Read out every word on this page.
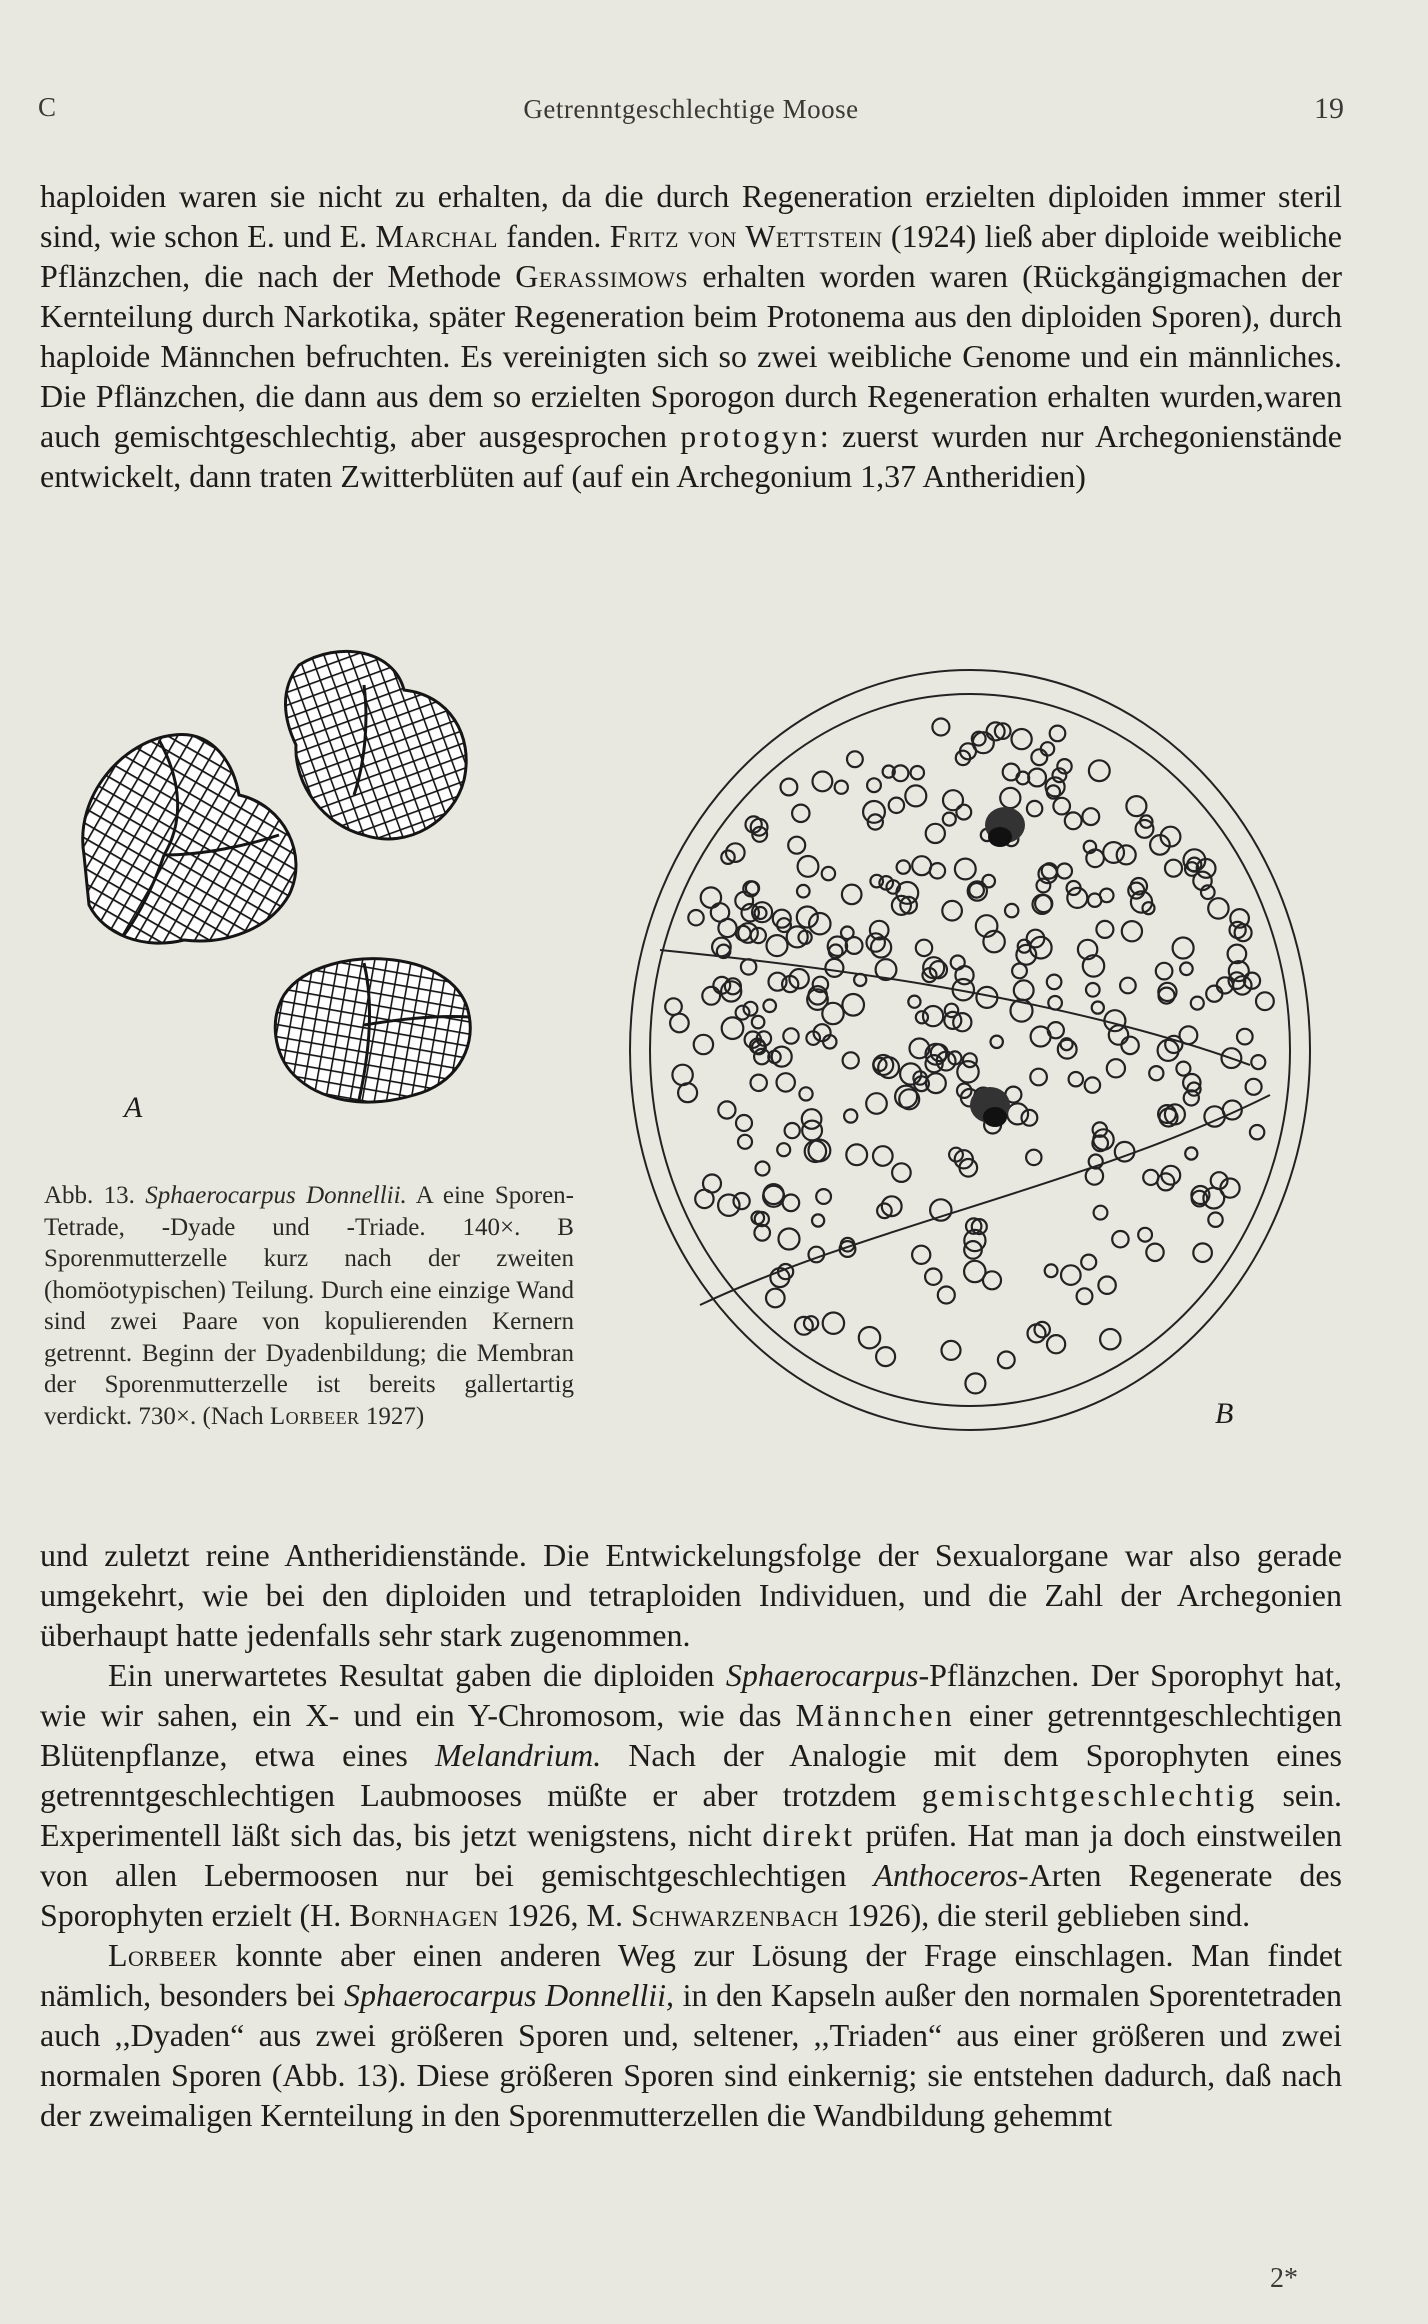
C	Getrenntgeschlechtige Moose	19

haploiden waren sie nicht zu erhalten, da die durch Regeneration erzielten diploiden immer steril sind, wie schon E. und E. Marchal fanden. Fritz von Wettstein (1924) ließ aber diploide weibliche Pflänzchen, die nach der Methode Gerassimows erhalten worden waren (Rückgängigmachen der Kernteilung durch Narkotika, später Regeneration beim Protonema aus den diploiden Sporen), durch haploide Männchen befruchten. Es vereinigten sich so zwei weibliche Genome und ein männliches. Die Pflänzchen, die dann aus dem so erzielten Sporogon durch Regeneration erhalten wurden,waren auch gemischtgeschlechtig, aber ausgesprochen protogyn: zuerst wurden nur Archegonienstände entwickelt, dann traten Zwitterblüten auf (auf ein Archegonium 1,37 Antheridien)

A
B
Abb. 13. Sphaerocarpus Donnellii. A eine Sporen-Tetrade, -Dyade und -Triade. 140×. B Sporenmutterzelle kurz nach der zweiten (homöotypischen) Teilung. Durch eine einzige Wand sind zwei Paare von kopulierenden Kernern getrennt. Beginn der Dyadenbildung; die Membran der Sporenmutterzelle ist bereits gallertartig verdickt. 730×. (Nach Lorbeer 1927)

und zuletzt reine Antheridienstände. Die Entwickelungsfolge der Sexualorgane war also gerade umgekehrt, wie bei den diploiden und tetraploiden Individuen, und die Zahl der Archegonien überhaupt hatte jedenfalls sehr stark zugenommen.

Ein unerwartetes Resultat gaben die diploiden Sphaerocarpus-Pflänzchen. Der Sporophyt hat, wie wir sahen, ein X- und ein Y-Chromosom, wie das Männchen einer getrenntgeschlechtigen Blütenpflanze, etwa eines Melandrium. Nach der Analogie mit dem Sporophyten eines getrenntgeschlechtigen Laubmooses müßte er aber trotzdem gemischtgeschlechtig sein. Experimentell läßt sich das, bis jetzt wenigstens, nicht direkt prüfen. Hat man ja doch einstweilen von allen Lebermoosen nur bei gemischtgeschlechtigen Anthoceros-Arten Regenerate des Sporophyten erzielt (H. Bornhagen 1926, M. Schwarzenbach 1926), die steril geblieben sind.

Lorbeer konnte aber einen anderen Weg zur Lösung der Frage einschlagen. Man findet nämlich, besonders bei Sphaerocarpus Donnellii, in den Kapseln außer den normalen Sporentetraden auch ,,Dyaden“ aus zwei größeren Sporen und, seltener, ,,Triaden“ aus einer größeren und zwei normalen Sporen (Abb. 13). Diese größeren Sporen sind einkernig; sie entstehen dadurch, daß nach der zweimaligen Kernteilung in den Sporenmutterzellen die Wandbildung gehemmt

2*
